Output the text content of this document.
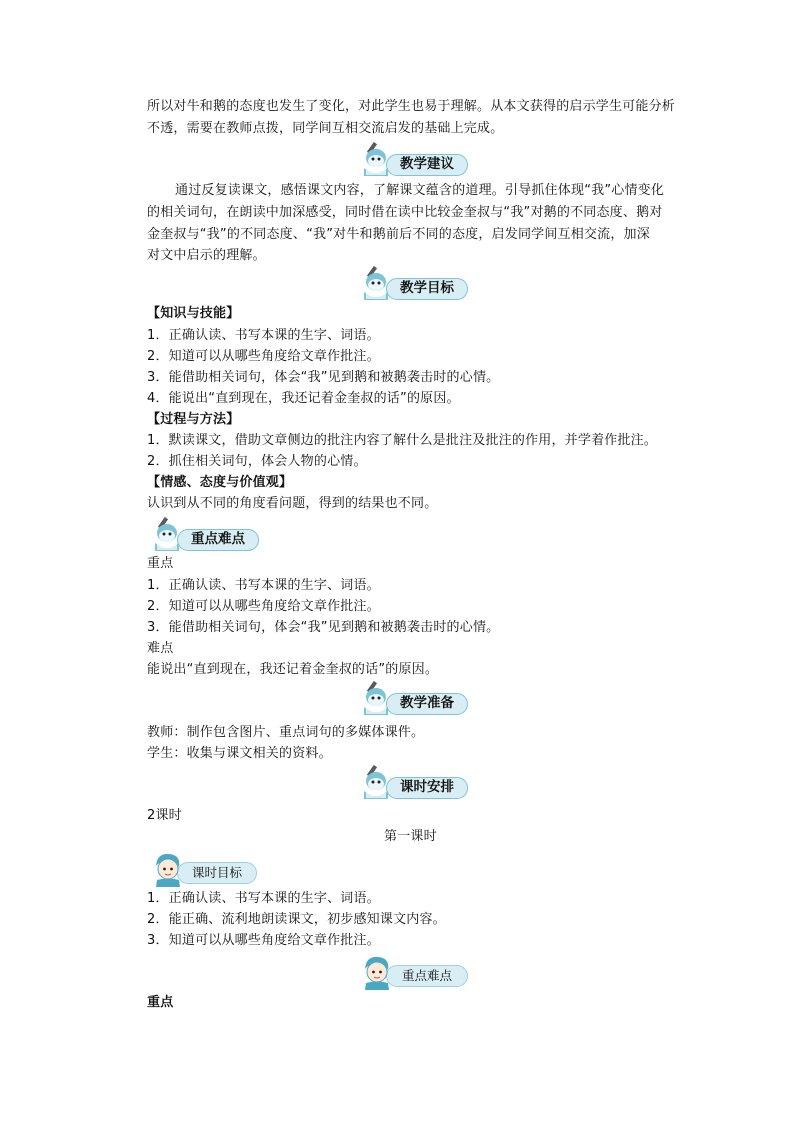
所以对牛和鹅的态度也发生了变化，对此学生也易于理解。从本文获得的启示学生可能分析
不透，需要在教师点拨，同学间互相交流启发的基础上完成。
教学建议
通过反复读课文，感悟课文内容，了解课文蕴含的道理。引导抓住体现“我”心情变化
的相关词句，在朗读中加深感受，同时借在读中比较金奎叔与“我”对鹅的不同态度、鹅对
金奎叔与“我”的不同态度、“我”对牛和鹅前后不同的态度，启发同学间互相交流，加深
对文中启示的理解。
教学目标
【知识与技能】
1．正确认读、书写本课的生字、词语。
2．知道可以从哪些角度给文章作批注。
3．能借助相关词句，体会“我”见到鹅和被鹅袭击时的心情。
4．能说出“直到现在，我还记着金奎叔的话”的原因。
【过程与方法】
1．默读课文，借助文章侧边的批注内容了解什么是批注及批注的作用，并学着作批注。
2．抓住相关词句，体会人物的心情。
【情感、态度与价值观】
认识到从不同的角度看问题，得到的结果也不同。
重点难点
重点
1．正确认读、书写本课的生字、词语。
2．知道可以从哪些角度给文章作批注。
3．能借助相关词句，体会“我”见到鹅和被鹅袭击时的心情。
难点
能说出“直到现在，我还记着金奎叔的话”的原因。
教学准备
教师：制作包含图片、重点词句的多媒体课件。
学生：收集与课文相关的资料。
课时安排
2课时
第一课时
课时目标
1．正确认读、书写本课的生字、词语。
2．能正确、流利地朗读课文，初步感知课文内容。
3．知道可以从哪些角度给文章作批注。
重点难点
重点
